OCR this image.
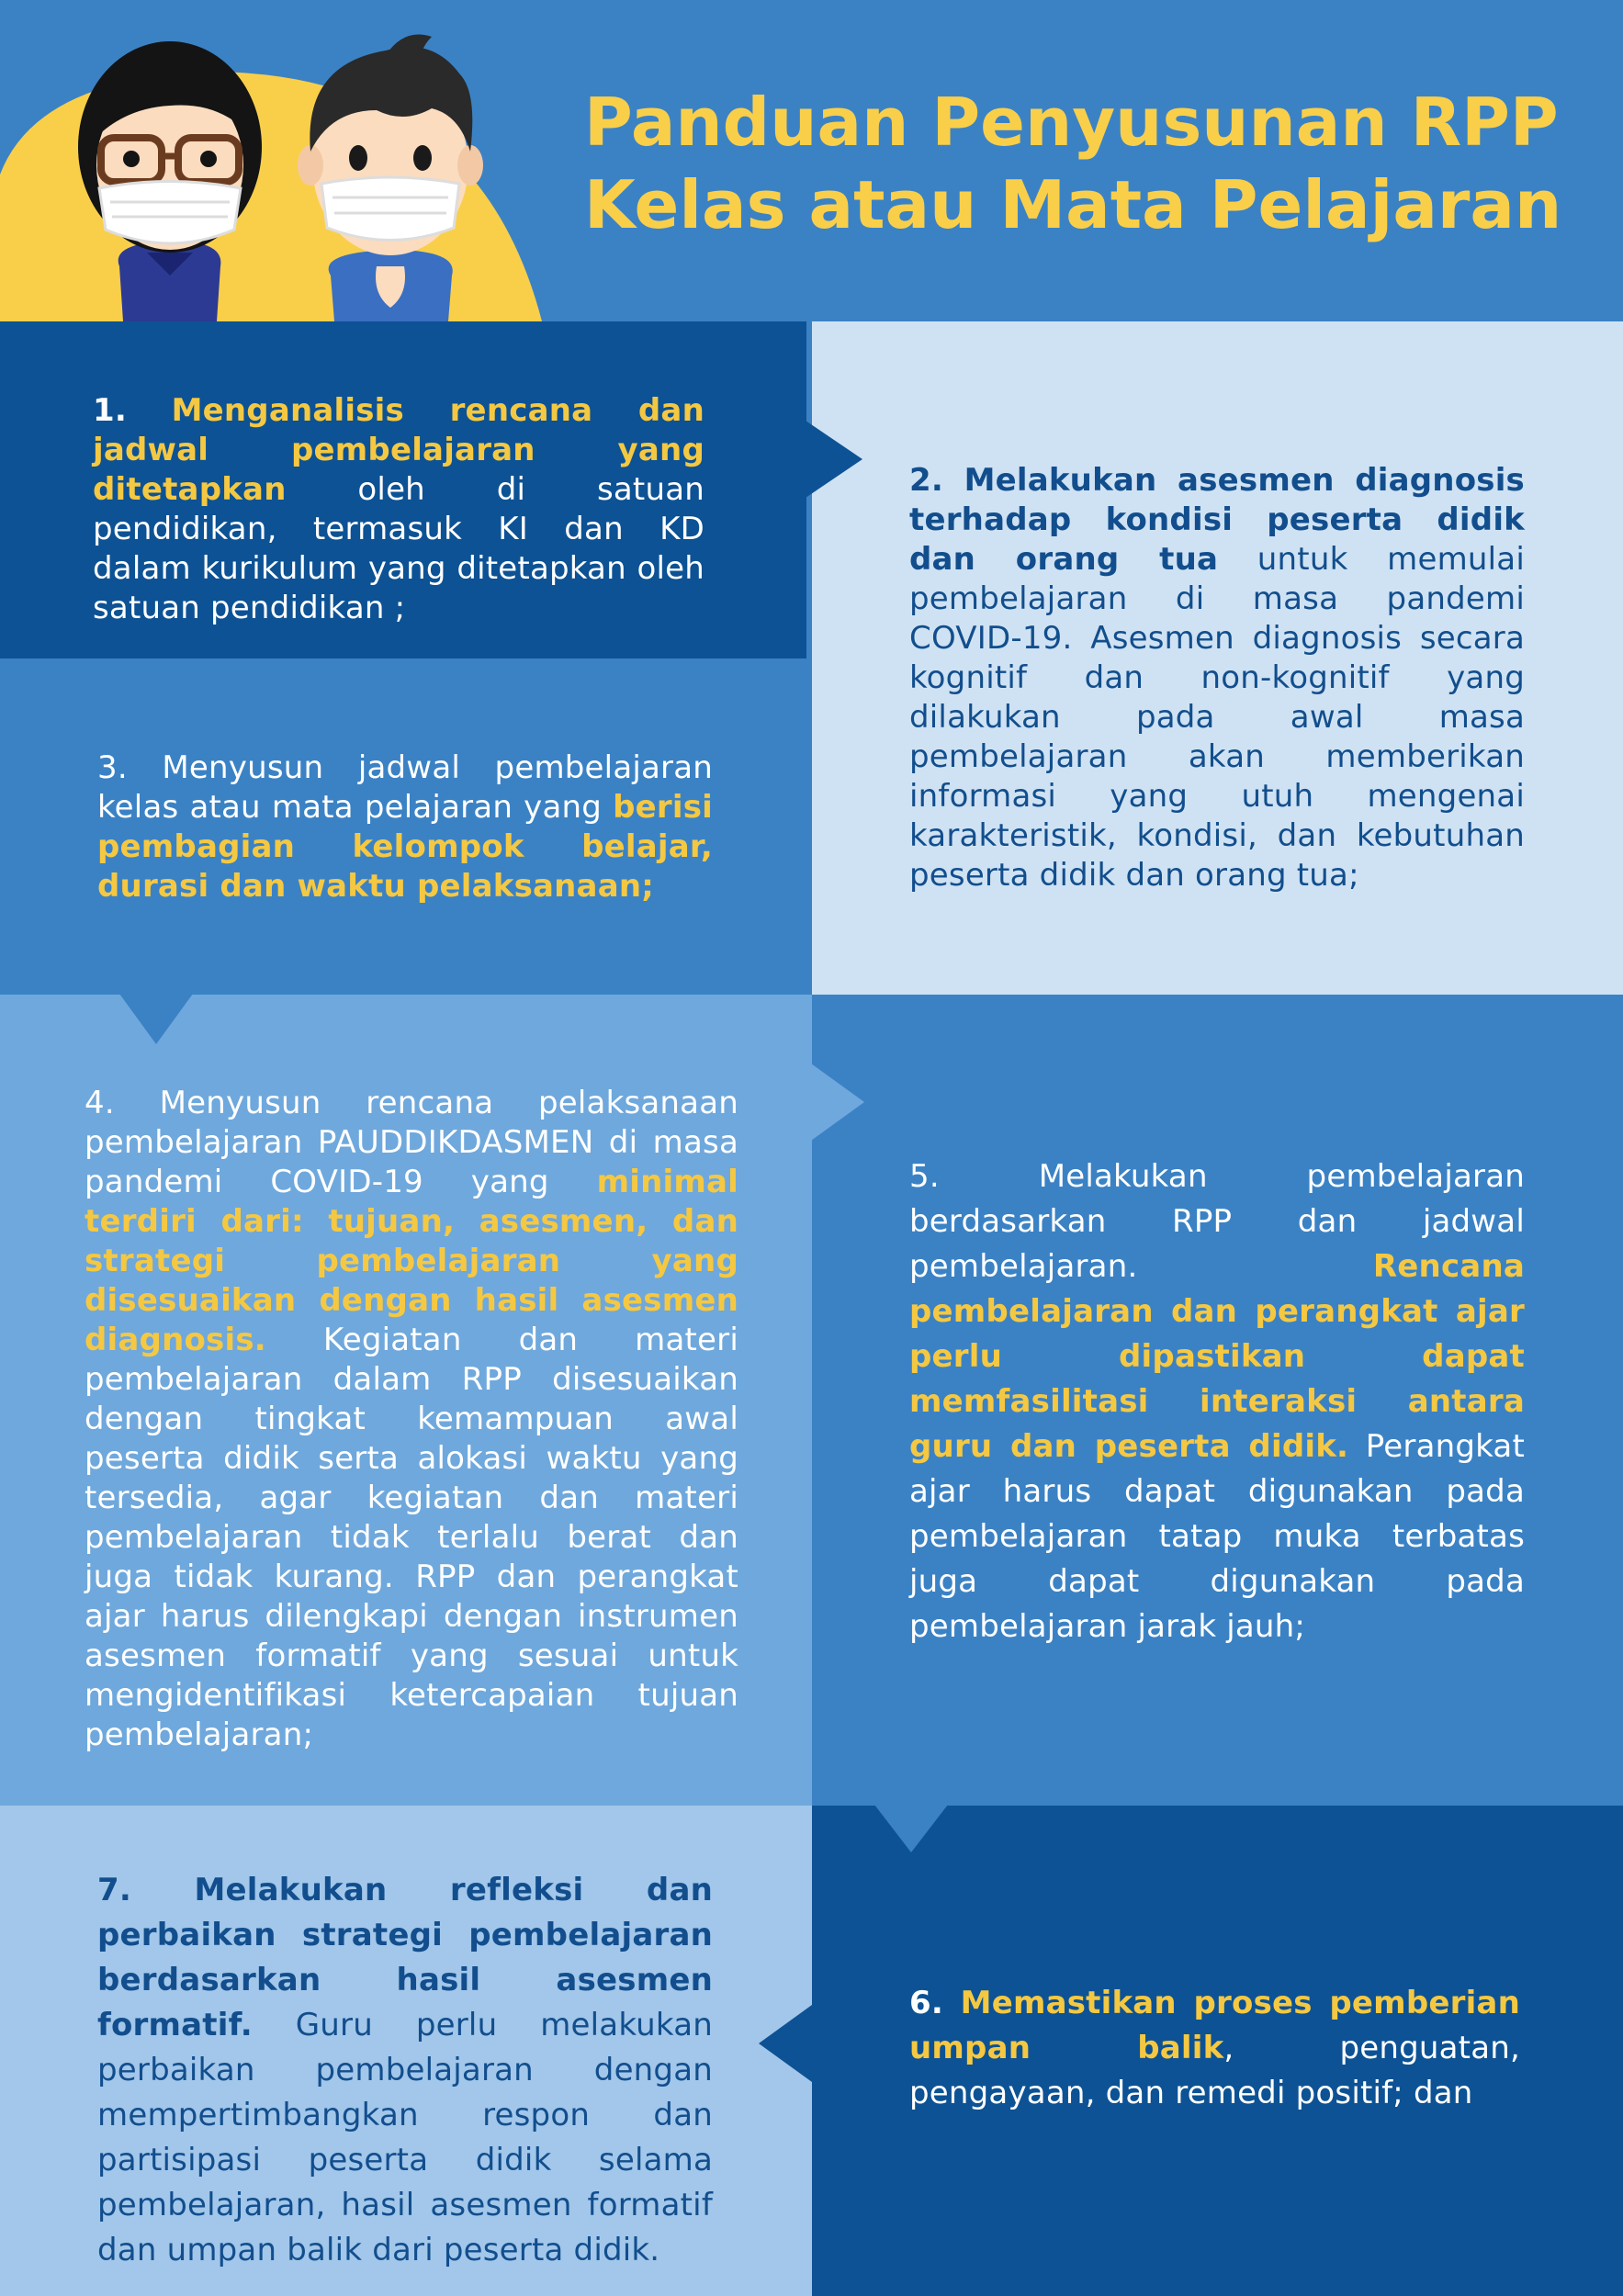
Panduan Penyusunan RPP
Kelas atau Mata Pelajaran
1. Menganalisis rencana dan jadwal pembelajaran yang ditetapkan oleh di satuan pendidikan, termasuk KI dan KD dalam kurikulum yang ditetapkan oleh satuan pendidikan ;
2. Melakukan asesmen diagnosis terhadap kondisi peserta didik dan orang tua untuk memulai pembelajaran di masa pandemi COVID-19. Asesmen diagnosis secara kognitif dan non-kognitif yang dilakukan pada awal masa pembelajaran akan memberikan informasi yang utuh mengenai karakteristik, kondisi, dan kebutuhan peserta didik dan orang tua;
3. Menyusun jadwal pembelajaran kelas atau mata pelajaran yang berisi pembagian kelompok belajar, durasi dan waktu pelaksanaan;
4. Menyusun rencana pelaksanaan pembelajaran PAUDDIKDASMEN di masa pandemi COVID-19 yang minimal terdiri dari: tujuan, asesmen, dan strategi pembelajaran yang disesuaikan dengan hasil asesmen diagnosis. Kegiatan dan materi pembelajaran dalam RPP disesuaikan dengan tingkat kemampuan awal peserta didik serta alokasi waktu yang tersedia, agar kegiatan dan materi pembelajaran tidak terlalu berat dan juga tidak kurang. RPP dan perangkat ajar harus dilengkapi dengan instrumen asesmen formatif yang sesuai untuk mengidentifikasi ketercapaian tujuan pembelajaran;
5. Melakukan pembelajaran berdasarkan RPP dan jadwal pembelajaran. Rencana pembelajaran dan perangkat ajar perlu dipastikan dapat memfasilitasi interaksi antara guru dan peserta didik. Perangkat ajar harus dapat digunakan pada pembelajaran tatap muka terbatas juga dapat digunakan pada pembelajaran jarak jauh;
6. Memastikan proses pemberian umpan balik, penguatan, pengayaan, dan remedi positif; dan
7. Melakukan refleksi dan perbaikan strategi pembelajaran berdasarkan hasil asesmen formatif. Guru perlu melakukan perbaikan pembelajaran dengan mempertimbangkan respon dan partisipasi peserta didik selama pembelajaran, hasil asesmen formatif dan umpan balik dari peserta didik.
